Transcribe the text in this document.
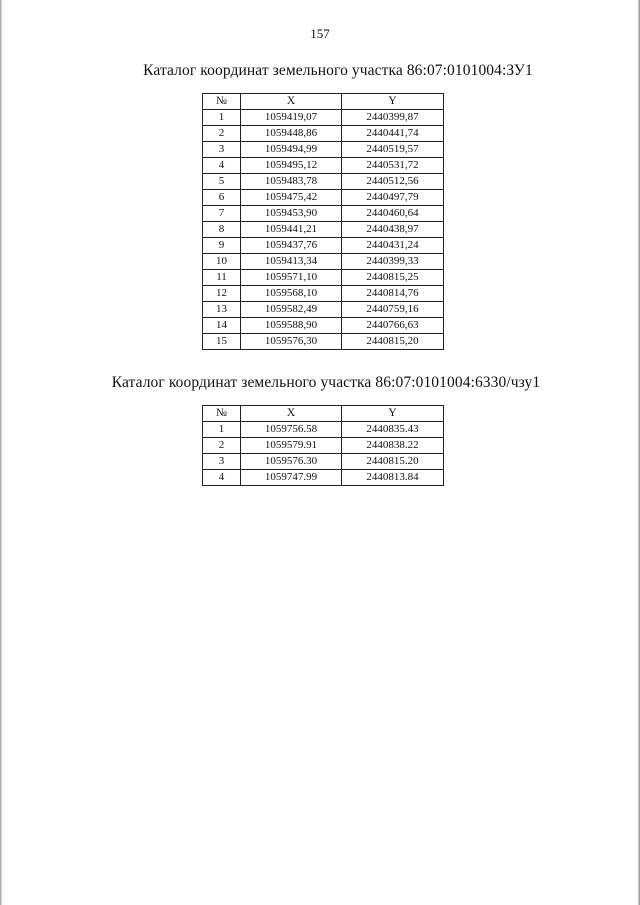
157
Каталог координат земельного участка 86:07:0101004:ЗУ1
№	X	Y
1	1059419,07	2440399,87
2	1059448,86	2440441,74
3	1059494,99	2440519,57
4	1059495,12	2440531,72
5	1059483,78	2440512,56
6	1059475,42	2440497,79
7	1059453,90	2440460,64
8	1059441,21	2440438,97
9	1059437,76	2440431,24
10	1059413,34	2440399,33
11	1059571,10	2440815,25
12	1059568,10	2440814,76
13	1059582,49	2440759,16
14	1059588,90	2440766,63
15	1059576,30	2440815,20
Каталог координат земельного участка 86:07:0101004:6330/чзу1
№	X	Y
1	1059756.58	2440835.43
2	1059579.91	2440838.22
3	1059576.30	2440815.20
4	1059747.99	2440813.84
